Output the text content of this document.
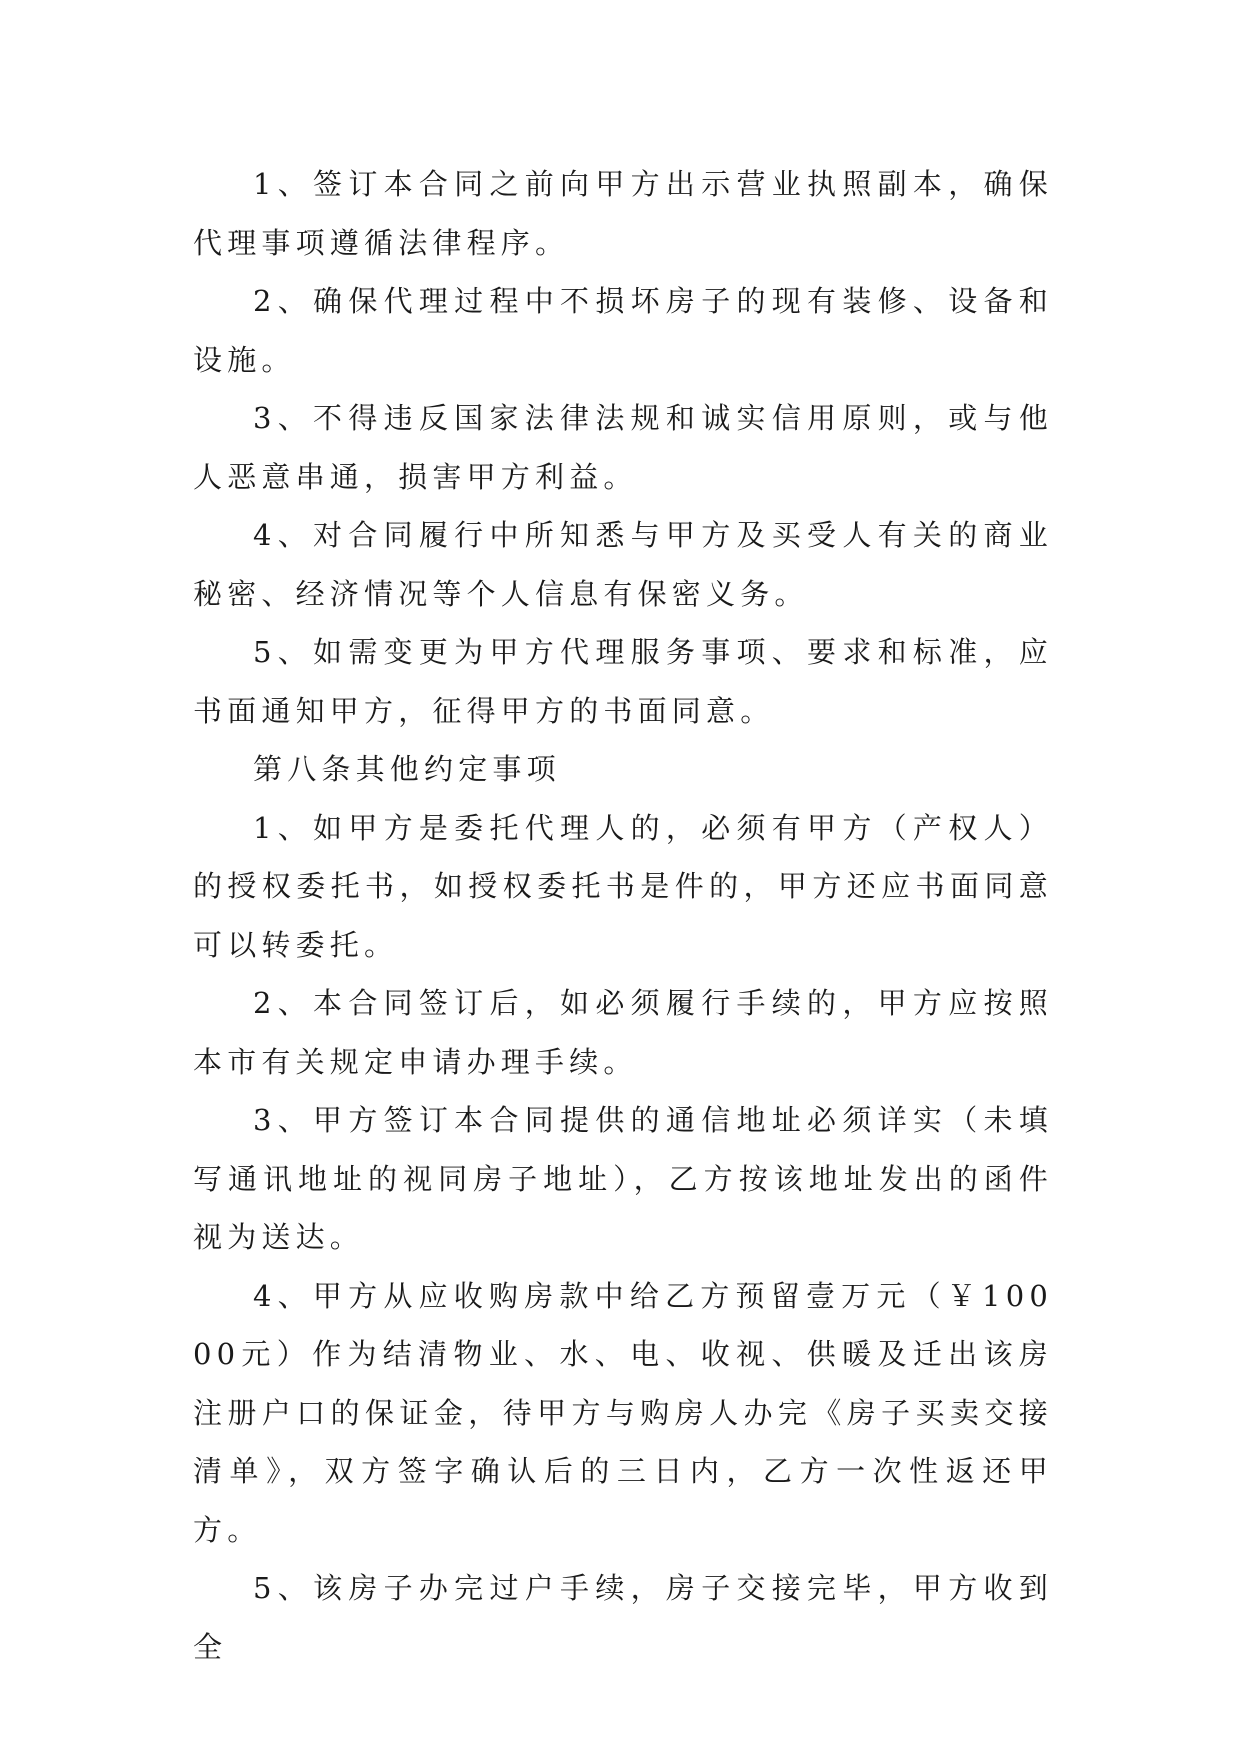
1、签订本合同之前向甲方出示营业执照副本，确保代理事项遵循法律程序。

2、确保代理过程中不损坏房子的现有装修、设备和设施。

3、不得违反国家法律法规和诚实信用原则，或与他人恶意串通，损害甲方利益。

4、对合同履行中所知悉与甲方及买受人有关的商业秘密、经济情况等个人信息有保密义务。

5、如需变更为甲方代理服务事项、要求和标准，应书面通知甲方，征得甲方的书面同意。

第八条其他约定事项

1、如甲方是委托代理人的，必须有甲方（产权人）的授权委托书，如授权委托书是件的，甲方还应书面同意可以转委托。

2、本合同签订后，如必须履行手续的，甲方应按照本市有关规定申请办理手续。

3、甲方签订本合同提供的通信地址必须详实（未填写通讯地址的视同房子地址），乙方按该地址发出的函件视为送达。

4、甲方从应收购房款中给乙方预留壹万元（￥10000元）作为结清物业、水、电、收视、供暖及迁出该房注册户口的保证金，待甲方与购房人办完《房子买卖交接清单》，双方签字确认后的三日内，乙方一次性返还甲方。

5、该房子办完过户手续，房子交接完毕，甲方收到全
